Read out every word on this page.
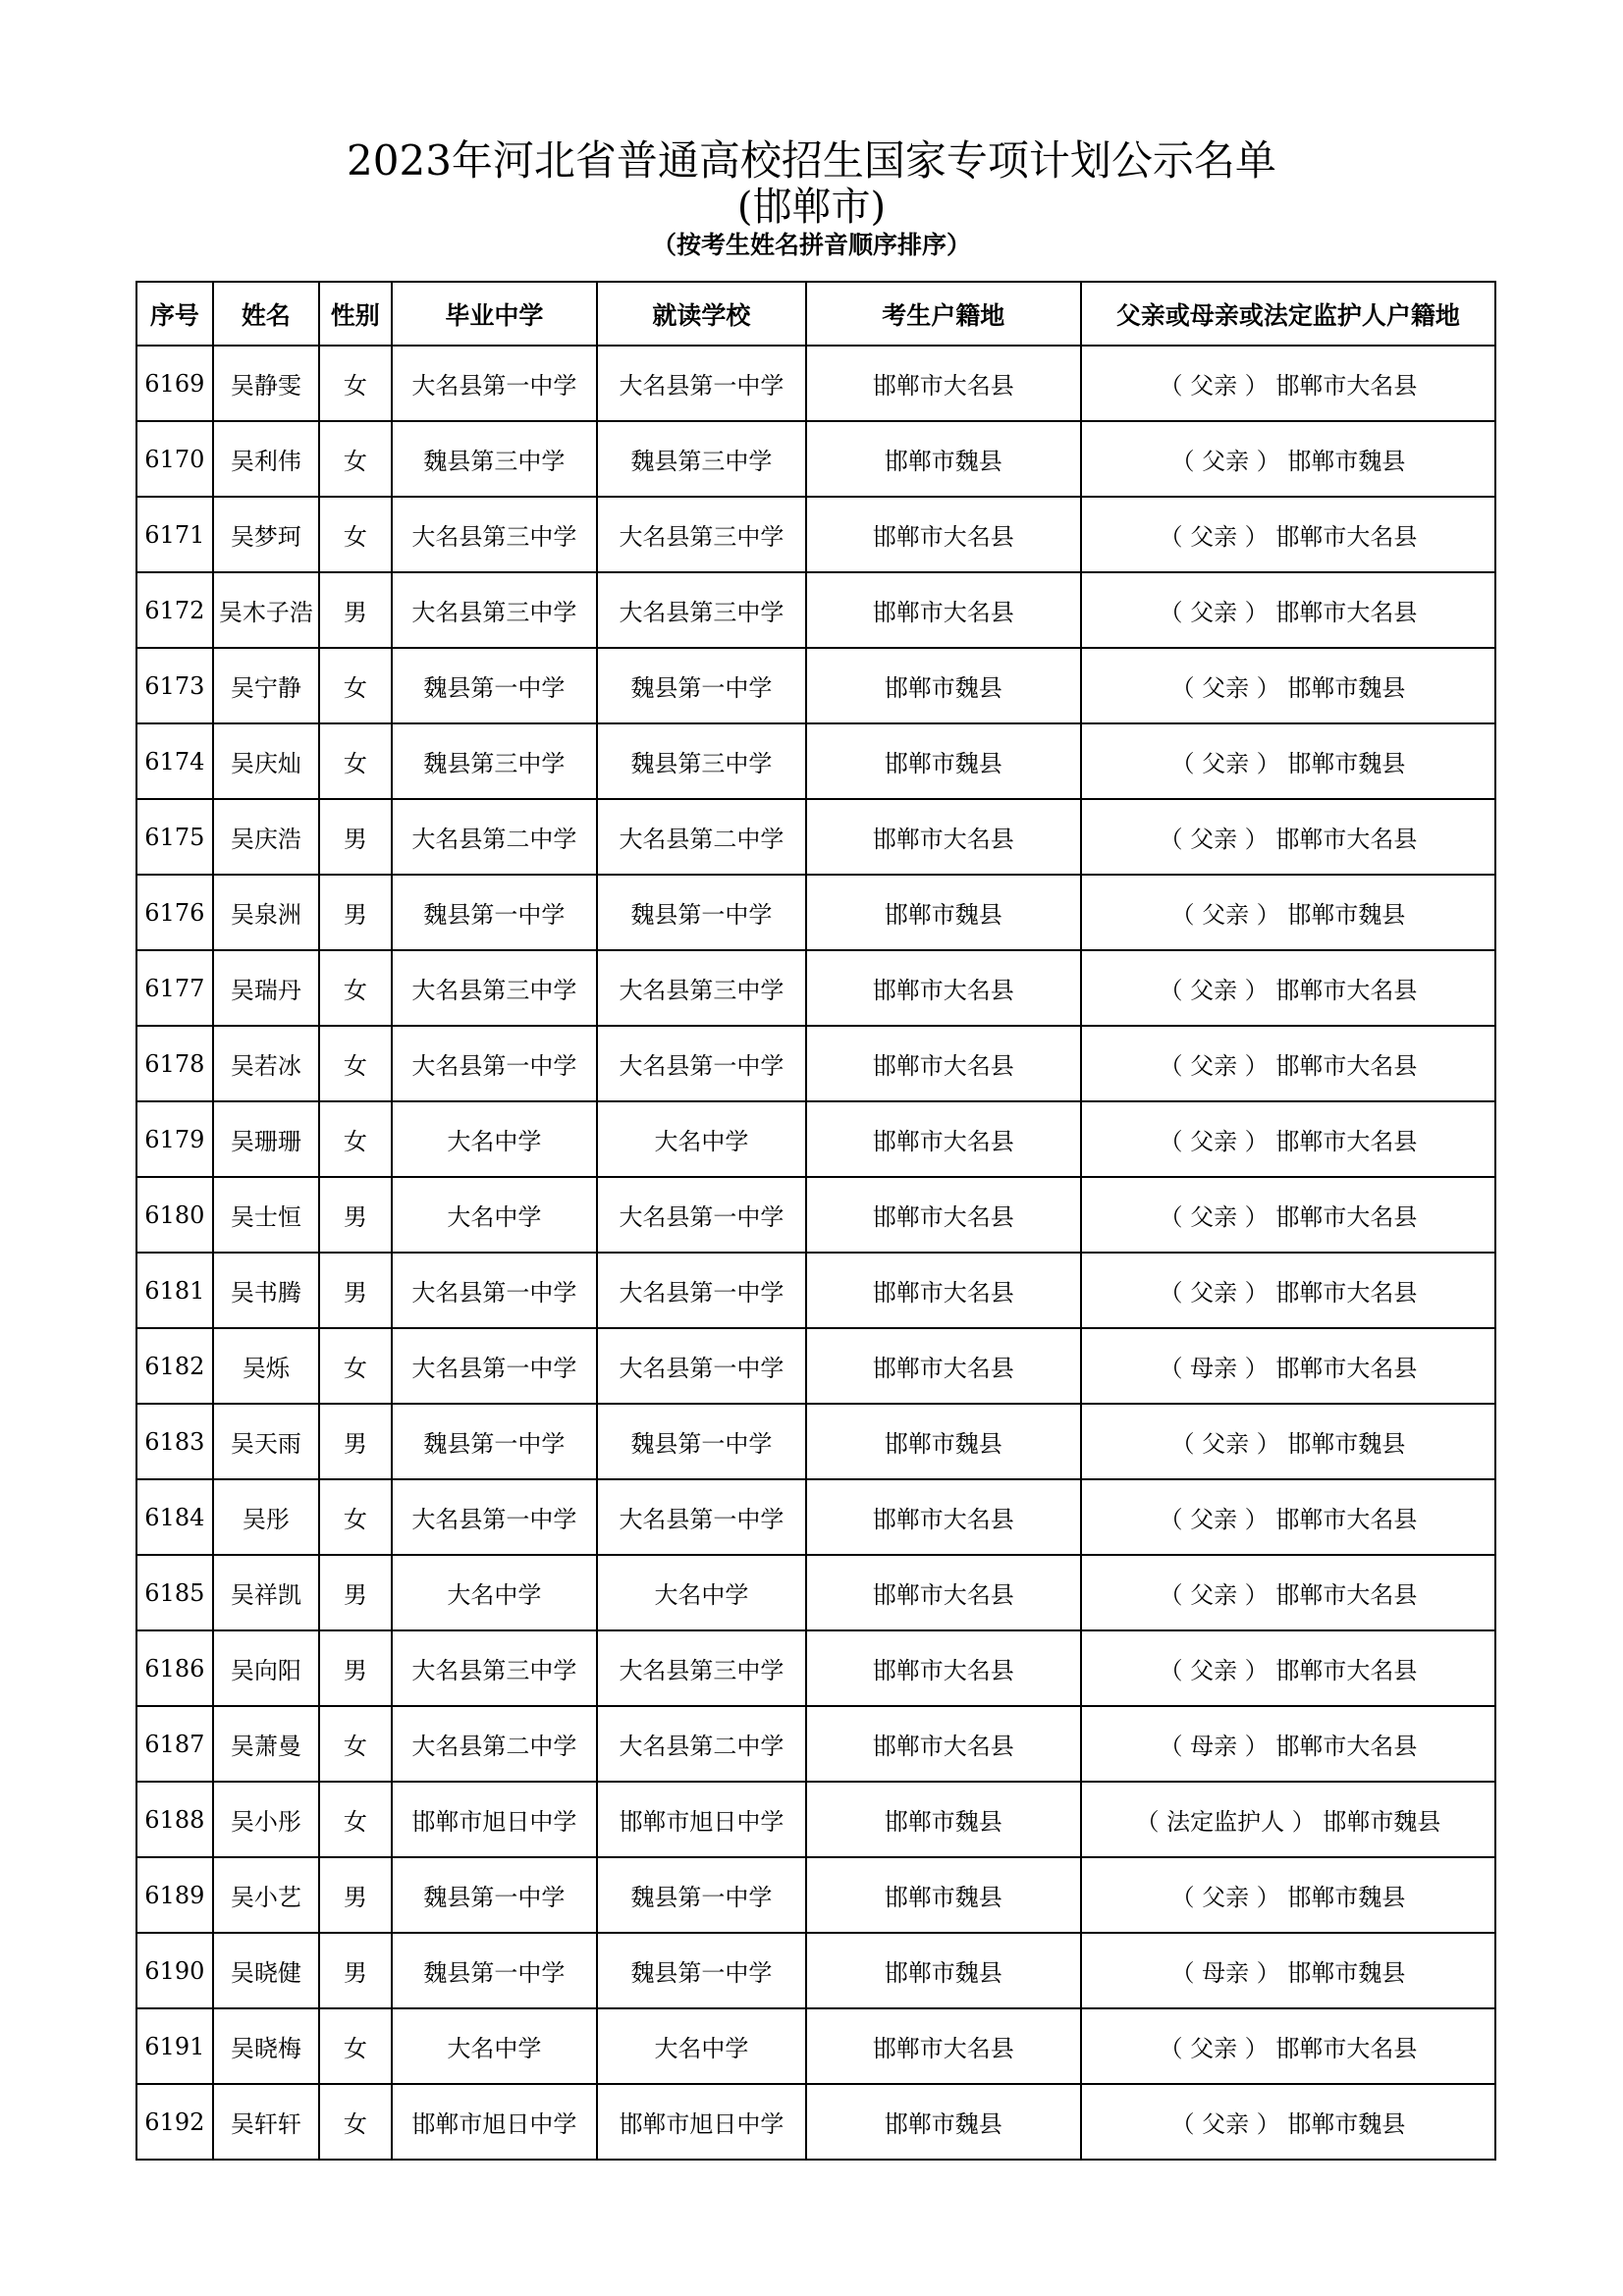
2023年河北省普通高校招生国家专项计划公示名单
(邯郸市)
（按考生姓名拼音顺序排序）
序号	姓名	性别	毕业中学	就读学校	考生户籍地	父亲或母亲或法定监护人户籍地
6169	吴静雯	女	大名县第一中学	大名县第一中学	邯郸市大名县	（ 父亲 ） 邯郸市大名县
6170	吴利伟	女	魏县第三中学	魏县第三中学	邯郸市魏县	（ 父亲 ） 邯郸市魏县
6171	吴梦珂	女	大名县第三中学	大名县第三中学	邯郸市大名县	（ 父亲 ） 邯郸市大名县
6172	吴木子浩	男	大名县第三中学	大名县第三中学	邯郸市大名县	（ 父亲 ） 邯郸市大名县
6173	吴宁静	女	魏县第一中学	魏县第一中学	邯郸市魏县	（ 父亲 ） 邯郸市魏县
6174	吴庆灿	女	魏县第三中学	魏县第三中学	邯郸市魏县	（ 父亲 ） 邯郸市魏县
6175	吴庆浩	男	大名县第二中学	大名县第二中学	邯郸市大名县	（ 父亲 ） 邯郸市大名县
6176	吴泉洲	男	魏县第一中学	魏县第一中学	邯郸市魏县	（ 父亲 ） 邯郸市魏县
6177	吴瑞丹	女	大名县第三中学	大名县第三中学	邯郸市大名县	（ 父亲 ） 邯郸市大名县
6178	吴若冰	女	大名县第一中学	大名县第一中学	邯郸市大名县	（ 父亲 ） 邯郸市大名县
6179	吴珊珊	女	大名中学	大名中学	邯郸市大名县	（ 父亲 ） 邯郸市大名县
6180	吴士恒	男	大名中学	大名县第一中学	邯郸市大名县	（ 父亲 ） 邯郸市大名县
6181	吴书腾	男	大名县第一中学	大名县第一中学	邯郸市大名县	（ 父亲 ） 邯郸市大名县
6182	吴烁	女	大名县第一中学	大名县第一中学	邯郸市大名县	（ 母亲 ） 邯郸市大名县
6183	吴天雨	男	魏县第一中学	魏县第一中学	邯郸市魏县	（ 父亲 ） 邯郸市魏县
6184	吴彤	女	大名县第一中学	大名县第一中学	邯郸市大名县	（ 父亲 ） 邯郸市大名县
6185	吴祥凯	男	大名中学	大名中学	邯郸市大名县	（ 父亲 ） 邯郸市大名县
6186	吴向阳	男	大名县第三中学	大名县第三中学	邯郸市大名县	（ 父亲 ） 邯郸市大名县
6187	吴萧曼	女	大名县第二中学	大名县第二中学	邯郸市大名县	（ 母亲 ） 邯郸市大名县
6188	吴小彤	女	邯郸市旭日中学	邯郸市旭日中学	邯郸市魏县	（ 法定监护人 ） 邯郸市魏县
6189	吴小艺	男	魏县第一中学	魏县第一中学	邯郸市魏县	（ 父亲 ） 邯郸市魏县
6190	吴晓健	男	魏县第一中学	魏县第一中学	邯郸市魏县	（ 母亲 ） 邯郸市魏县
6191	吴晓梅	女	大名中学	大名中学	邯郸市大名县	（ 父亲 ） 邯郸市大名县
6192	吴轩轩	女	邯郸市旭日中学	邯郸市旭日中学	邯郸市魏县	（ 父亲 ） 邯郸市魏县
